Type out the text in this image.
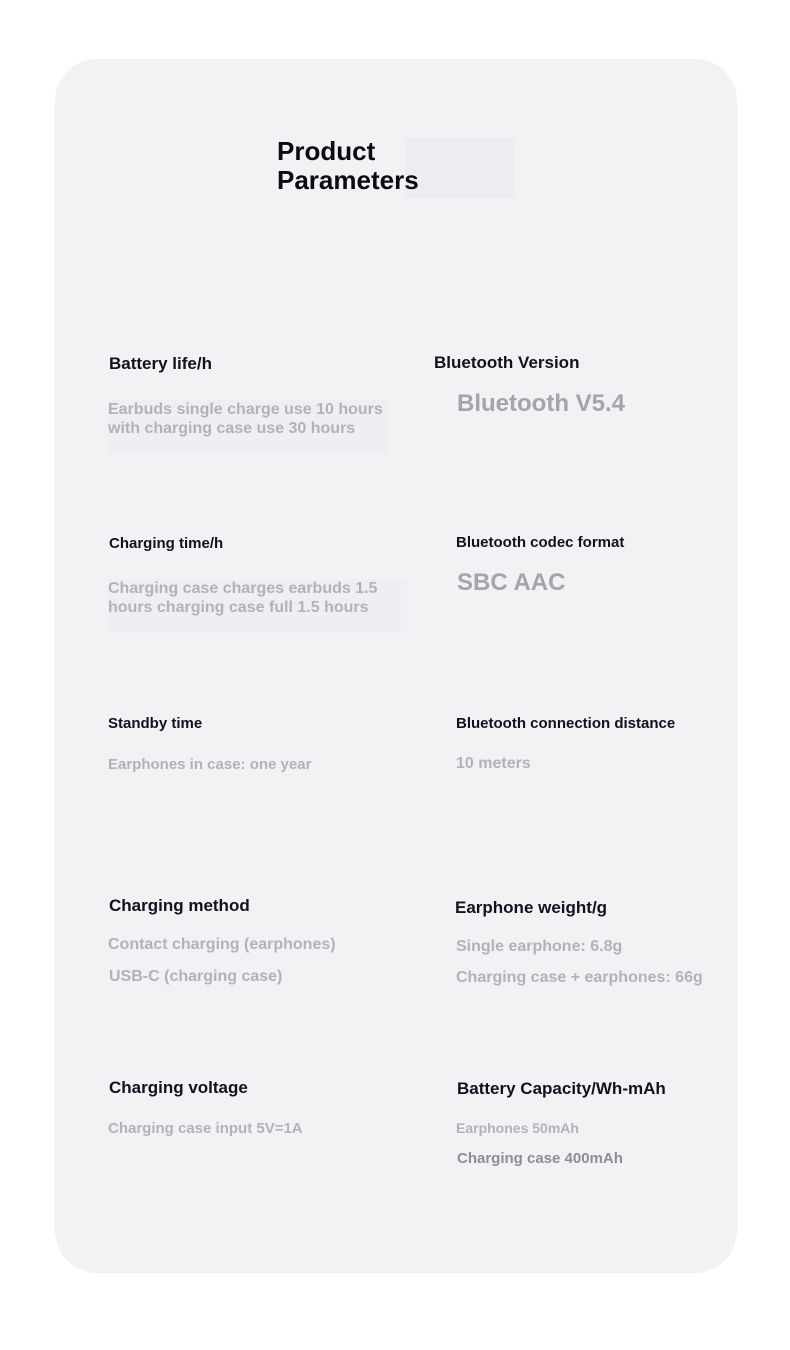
Product
Parameters
Battery life/h
Earbuds single charge use 10 hours
with charging case use 30 hours
Bluetooth Version
Bluetooth V5.4
Charging time/h
Charging case charges earbuds 1.5
hours charging case full 1.5 hours
Bluetooth codec format
SBC AAC
Standby time
Earphones in case: one year
Bluetooth connection distance
10 meters
Charging method
Contact charging (earphones)
USB-C (charging case)
Earphone weight/g
Single earphone: 6.8g
Charging case + earphones: 66g
Charging voltage
Charging case input 5V=1A
Battery Capacity/Wh-mAh
Earphones 50mAh
Charging case 400mAh
